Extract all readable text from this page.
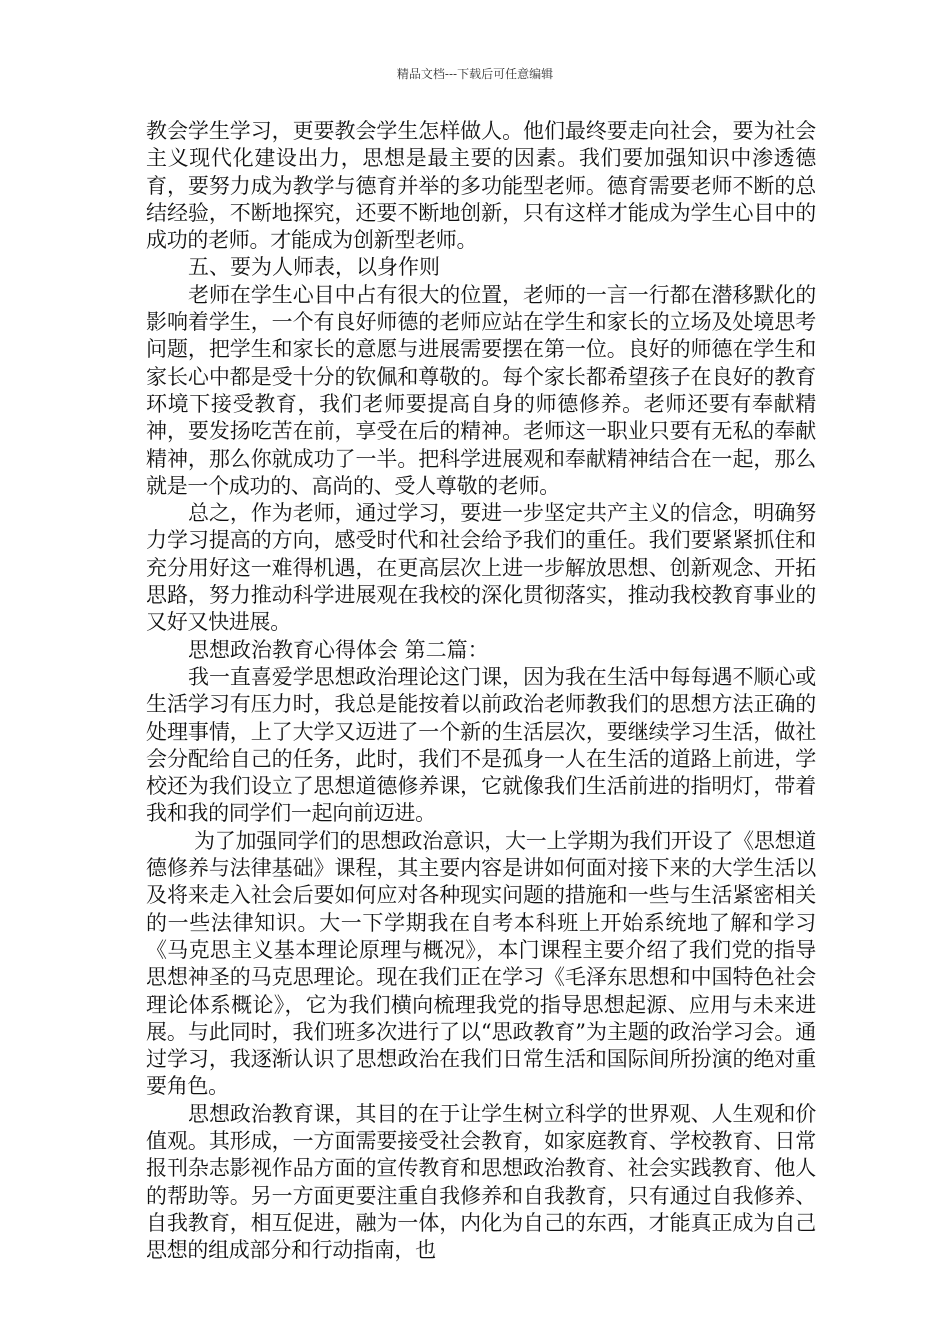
精品文档---下载后可任意编辑

教会学生学习，更要教会学生怎样做人。他们最终要走向社会，要为社会主义现代化建设出力，思想是最主要的因素。我们要加强知识中渗透德育，要努力成为教学与德育并举的多功能型老师。德育需要老师不断的总结经验，不断地探究，还要不断地创新，只有这样才能成为学生心目中的成功的老师。才能成为创新型老师。

五、要为人师表，以身作则

老师在学生心目中占有很大的位置，老师的一言一行都在潜移默化的影响着学生，一个有良好师德的老师应站在学生和家长的立场及处境思考问题，把学生和家长的意愿与进展需要摆在第一位。良好的师德在学生和家长心中都是受十分的钦佩和尊敬的。每个家长都希望孩子在良好的教育环境下接受教育，我们老师要提高自身的师德修养。老师还要有奉献精神，要发扬吃苦在前，享受在后的精神。老师这一职业只要有无私的奉献精神，那么你就成功了一半。把科学进展观和奉献精神结合在一起，那么就是一个成功的、高尚的、受人尊敬的老师。

总之，作为老师，通过学习，要进一步坚定共产主义的信念，明确努力学习提高的方向，感受时代和社会给予我们的重任。我们要紧紧抓住和充分用好这一难得机遇，在更高层次上进一步解放思想、创新观念、开拓思路，努力推动科学进展观在我校的深化贯彻落实，推动我校教育事业的又好又快进展。

思想政治教育心得体会 第二篇：

我一直喜爱学思想政治理论这门课，因为我在生活中每每遇不顺心或生活学习有压力时，我总是能按着以前政治老师教我们的思想方法正确的处理事情，上了大学又迈进了一个新的生活层次，要继续学习生活，做社会分配给自己的任务，此时，我们不是孤身一人在生活的道路上前进，学校还为我们设立了思想道德修养课，它就像我们生活前进的指明灯，带着我和我的同学们一起向前迈进。

为了加强同学们的思想政治意识，大一上学期为我们开设了《思想道德修养与法律基础》课程，其主要内容是讲如何面对接下来的大学生活以及将来走入社会后要如何应对各种现实问题的措施和一些与生活紧密相关的一些法律知识。大一下学期我在自考本科班上开始系统地了解和学习《马克思主义基本理论原理与概况》，本门课程主要介绍了我们党的指导思想神圣的马克思理论。现在我们正在学习《毛泽东思想和中国特色社会理论体系概论》，它为我们横向梳理我党的指导思想起源、应用与未来进展。与此同时，我们班多次进行了以“思政教育”为主题的政治学习会。通过学习，我逐渐认识了思想政治在我们日常生活和国际间所扮演的绝对重要角色。

思想政治教育课，其目的在于让学生树立科学的世界观、人生观和价值观。其形成，一方面需要接受社会教育，如家庭教育、学校教育、日常报刊杂志影视作品方面的宣传教育和思想政治教育、社会实践教育、他人的帮助等。另一方面更要注重自我修养和自我教育，只有通过自我修养、自我教育，相互促进，融为一体，内化为自己的东西，才能真正成为自己思想的组成部分和行动指南，也
